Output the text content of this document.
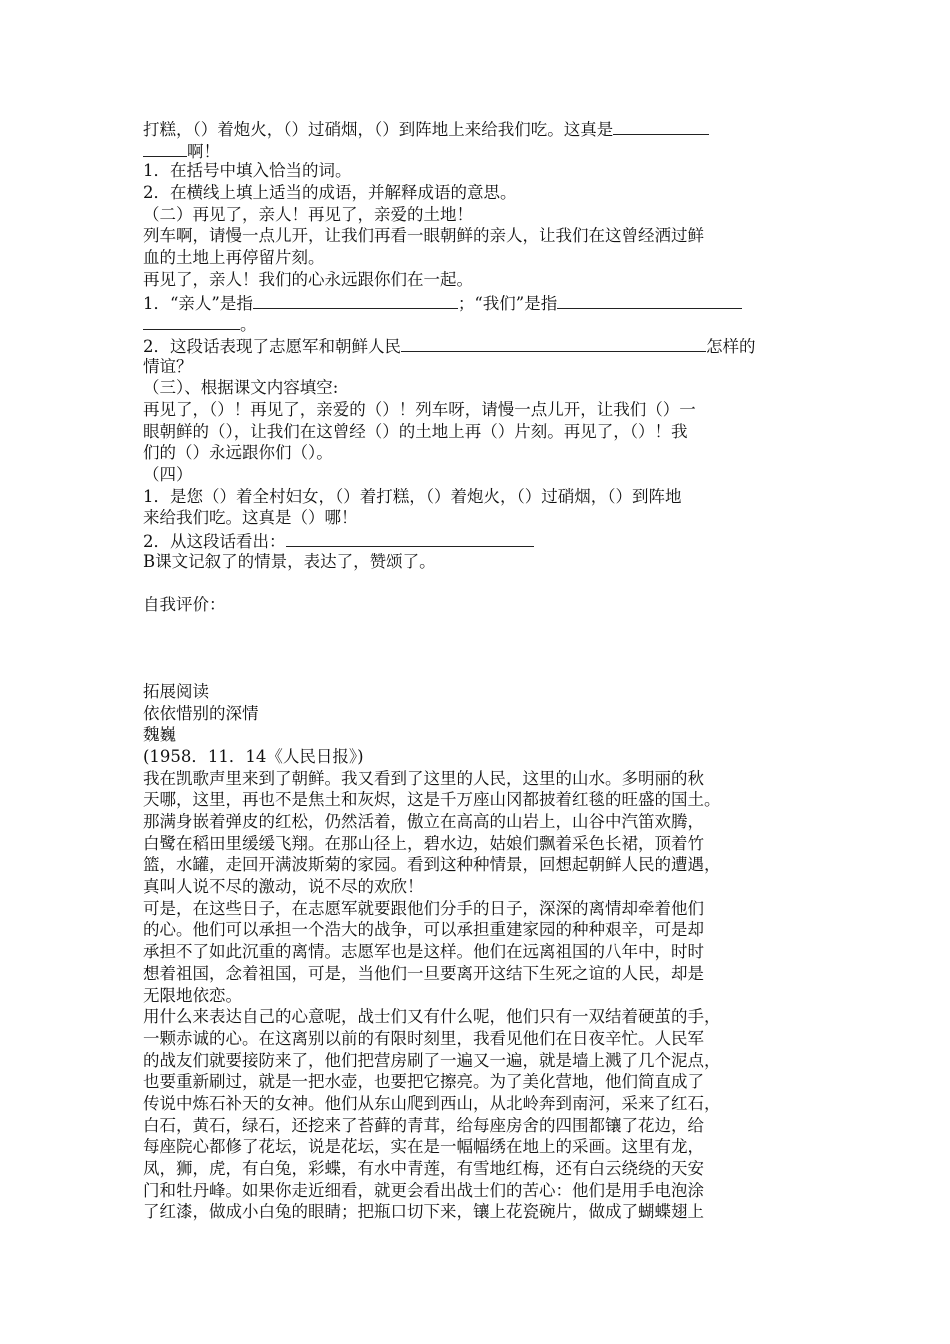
打糕，（）着炮火，（）过硝烟，（）到阵地上来给我们吃。这真是
啊！
1．在括号中填入恰当的词。
2．在横线上填上适当的成语，并解释成语的意思。
（二）再见了，亲人！再见了，亲爱的土地！
列车啊，请慢一点儿开，让我们再看一眼朝鲜的亲人，让我们在这曾经洒过鲜
血的土地上再停留片刻。
再见了，亲人！我们的心永远跟你们在一起。
1．“亲人”是指	；“我们”是指
。
2．这段话表现了志愿军和朝鲜人民	怎样的
情谊？
（三）、根据课文内容填空:
再见了，（）！再见了，亲爱的（）！列车呀，请慢一点儿开，让我们（）一
眼朝鲜的（），让我们在这曾经（）的土地上再（）片刻。再见了，（）！我
们的（）永远跟你们（）。
（四）
1．是您（）着全村妇女，（）着打糕，（）着炮火，（）过硝烟，（）到阵地
来给我们吃。这真是（）哪！
2．从这段话看出：
B课文记叙了的情景，表达了，赞颂了。
自我评价：
拓展阅读
依依惜别的深情
魏巍
(1958．11．14《人民日报》)
我在凯歌声里来到了朝鲜。我又看到了这里的人民，这里的山水。多明丽的秋
天哪，这里，再也不是焦土和灰烬，这是千万座山冈都披着红毯的旺盛的国土。
那满身嵌着弹皮的红松，仍然活着，傲立在高高的山岩上，山谷中汽笛欢腾，
白鹭在稻田里缓缓飞翔。在那山径上，碧水边，姑娘们飘着采色长裙，顶着竹
篮，水罐，走回开满波斯菊的家园。看到这种种情景，回想起朝鲜人民的遭遇，
真叫人说不尽的激动，说不尽的欢欣！
可是，在这些日子，在志愿军就要跟他们分手的日子，深深的离情却牵着他们
的心。他们可以承担一个浩大的战争，可以承担重建家园的种种艰辛，可是却
承担不了如此沉重的离情。志愿军也是这样。他们在远离祖国的八年中，时时
想着祖国，念着祖国，可是，当他们一旦要离开这结下生死之谊的人民，却是
无限地依恋。
用什么来表达自己的心意呢，战士们又有什么呢，他们只有一双结着硬茧的手，
一颗赤诚的心。在这离别以前的有限时刻里，我看见他们在日夜辛忙。人民军
的战友们就要接防来了，他们把营房刷了一遍又一遍，就是墙上溅了几个泥点，
也要重新刷过，就是一把水壶，也要把它擦亮。为了美化营地，他们简直成了
传说中炼石补天的女神。他们从东山爬到西山，从北岭奔到南河，采来了红石，
白石，黄石，绿石，还挖来了苔藓的青茸，给每座房舍的四围都镶了花边，给
每座院心都修了花坛，说是花坛，实在是一幅幅绣在地上的采画。这里有龙，
凤，狮，虎，有白兔，彩蝶，有水中青莲，有雪地红梅，还有白云绕绕的天安
门和牡丹峰。如果你走近细看，就更会看出战士们的苦心：他们是用手电泡涂
了红漆，做成小白兔的眼睛；把瓶口切下来，镶上花瓷碗片，做成了蝴蝶翅上
